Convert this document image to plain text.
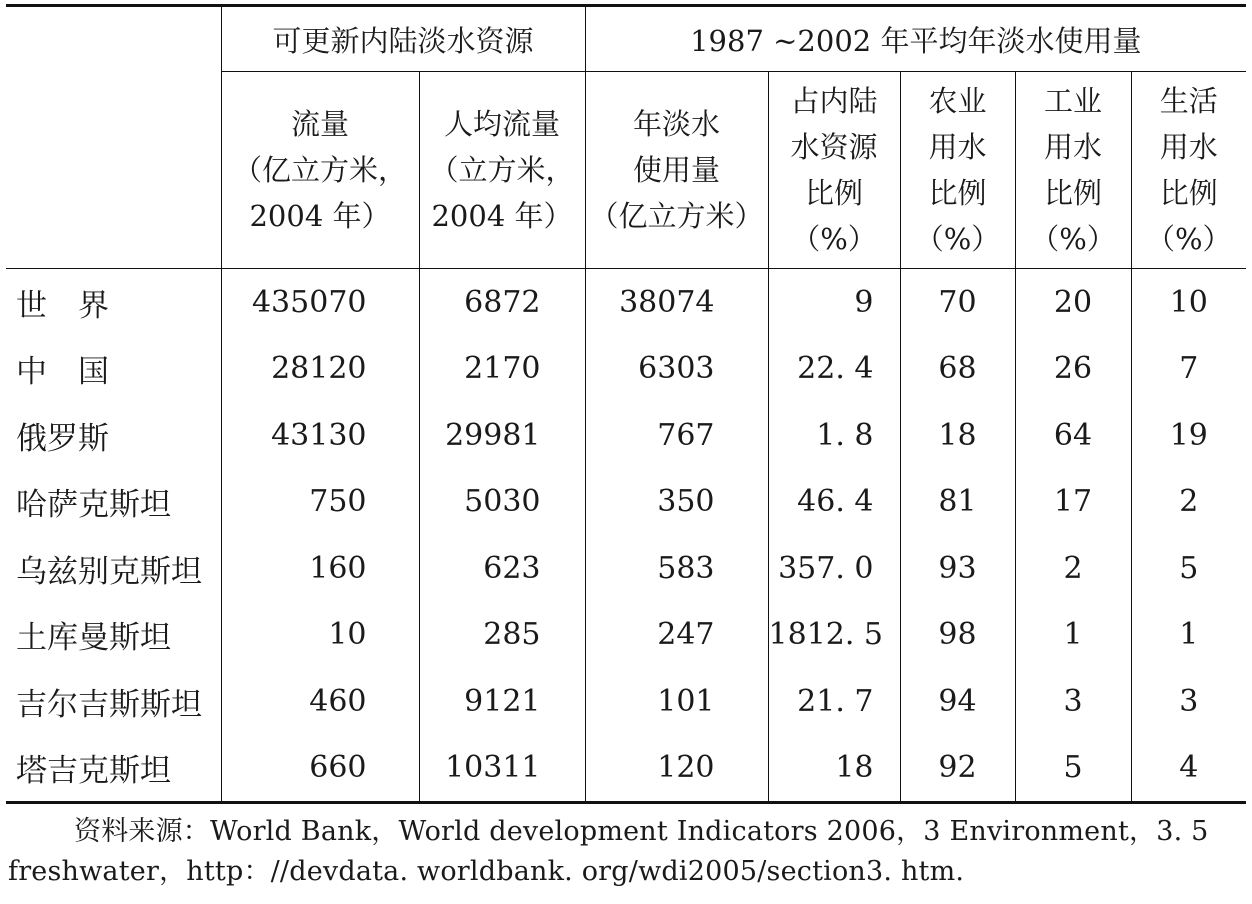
	可更新内陆淡水资源		1987 ~2002 年平均年淡水使用量				

	流量
（亿立方米，
2004 年）	人均流量
（立方米，
2004 年）	年淡水
使用量
（亿立方米）	占内陆
水资源
比例
（%）	农业
用水
比例
（%）	工业
用水
比例
（%）	生活
用水
比例
（%）

世　界	435070	6872	38074	9	70	20	10
中　国	28120	2170	6303	22. 4	68	26	7
俄罗斯	43130	29981	767	1. 8	18	64	19
哈萨克斯坦	750	5030	350	46. 4	81	17	2
乌兹别克斯坦	160	623	583	357. 0	93	2	5
土库曼斯坦	10	285	247	1812. 5	98	1	1
吉尔吉斯斯坦	460	9121	101	21. 7	94	3	3
塔吉克斯坦	660	10311	120	18	92	5	4
资料来源：World Bank，World development Indicators 2006，3 Environment，3. 5
freshwater，http：//devdata. worldbank. org/wdi2005/section3. htm.
